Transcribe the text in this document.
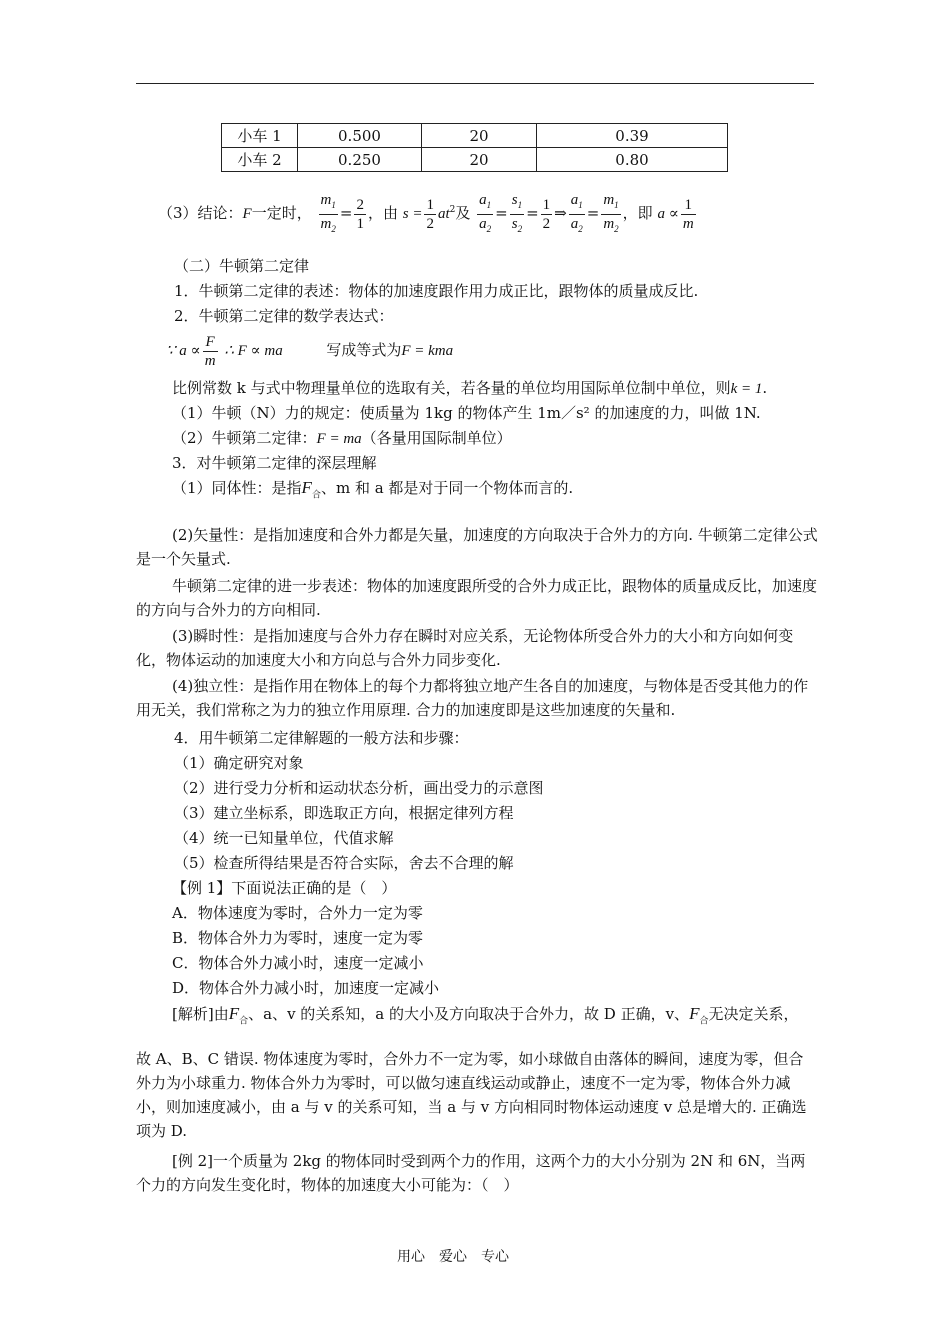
小车 1	0.500	20	0.39
小车 2	0.250	20	0.80
（3）结论：F一定时， $\frac{m_1}{m_2} = \frac{2}{1}$ ，由 $s = \frac{1}{2} at^2$及 $\frac{a_1}{a_2} = \frac{s_1}{s_2} = \frac{1}{2}$ ⇒ $\frac{a_1}{a_2} = \frac{m_1}{m_2}$ ，即 $a \propto \frac{1}{m}$
（二）牛顿第二定律
1．牛顿第二定律的表述：物体的加速度跟作用力成正比，跟物体的质量成反比.
2．牛顿第二定律的数学表达式：
∵ $a \propto \frac{F}{m}$ ∴ F ∝ ma	写成等式为F = kma
比例常数 k 与式中物理量单位的选取有关，若各量的单位均用国际单位制中单位，则k = 1.
（1）牛顿（N）力的规定：使质量为 1kg 的物体产生 1m／s² 的加速度的力，叫做 1N.
（2）牛顿第二定律：F = ma（各量用国际制单位）
3．对牛顿第二定律的深层理解
（1）同体性：是指$F_合$、m 和 a 都是对于同一个物体而言的.
(2)矢量性：是指加速度和合外力都是矢量，加速度的方向取决于合外力的方向. 牛顿第二定律公式是一个矢量式.
牛顿第二定律的进一步表述：物体的加速度跟所受的合外力成正比，跟物体的质量成反比，加速度的方向与合外力的方向相同.
(3)瞬时性：是指加速度与合外力存在瞬时对应关系，无论物体所受合外力的大小和方向如何变化，物体运动的加速度大小和方向总与合外力同步变化.
(4)独立性：是指作用在物体上的每个力都将独立地产生各自的加速度，与物体是否受其他力的作用无关，我们常称之为力的独立作用原理. 合力的加速度即是这些加速度的矢量和.
4．用牛顿第二定律解题的一般方法和步骤：
（1）确定研究对象
（2）进行受力分析和运动状态分析，画出受力的示意图
（3）建立坐标系，即选取正方向，根据定律列方程
（4）统一已知量单位，代值求解
（5）检查所得结果是否符合实际，舍去不合理的解
【例 1】下面说法正确的是（　）
A．物体速度为零时，合外力一定为零
B．物体合外力为零时，速度一定为零
C．物体合外力减小时，速度一定减小
D．物体合外力减小时，加速度一定减小
[解析]由$F_合$、a、v 的关系知，a 的大小及方向取决于合外力，故 D 正确，v、$F_合$无决定关系，
故 A、B、C 错误. 物体速度为零时，合外力不一定为零，如小球做自由落体的瞬间，速度为零，但合外力为小球重力. 物体合外力为零时，可以做匀速直线运动或静止，速度不一定为零，物体合外力减小，则加速度减小，由 a 与 v 的关系可知，当 a 与 v 方向相同时物体运动速度 v 总是增大的. 正确选项为 D.
[例 2]一个质量为 2kg 的物体同时受到两个力的作用，这两个力的大小分别为 2N 和 6N，当两个力的方向发生变化时，物体的加速度大小可能为：（　）
用心　爱心　专心
